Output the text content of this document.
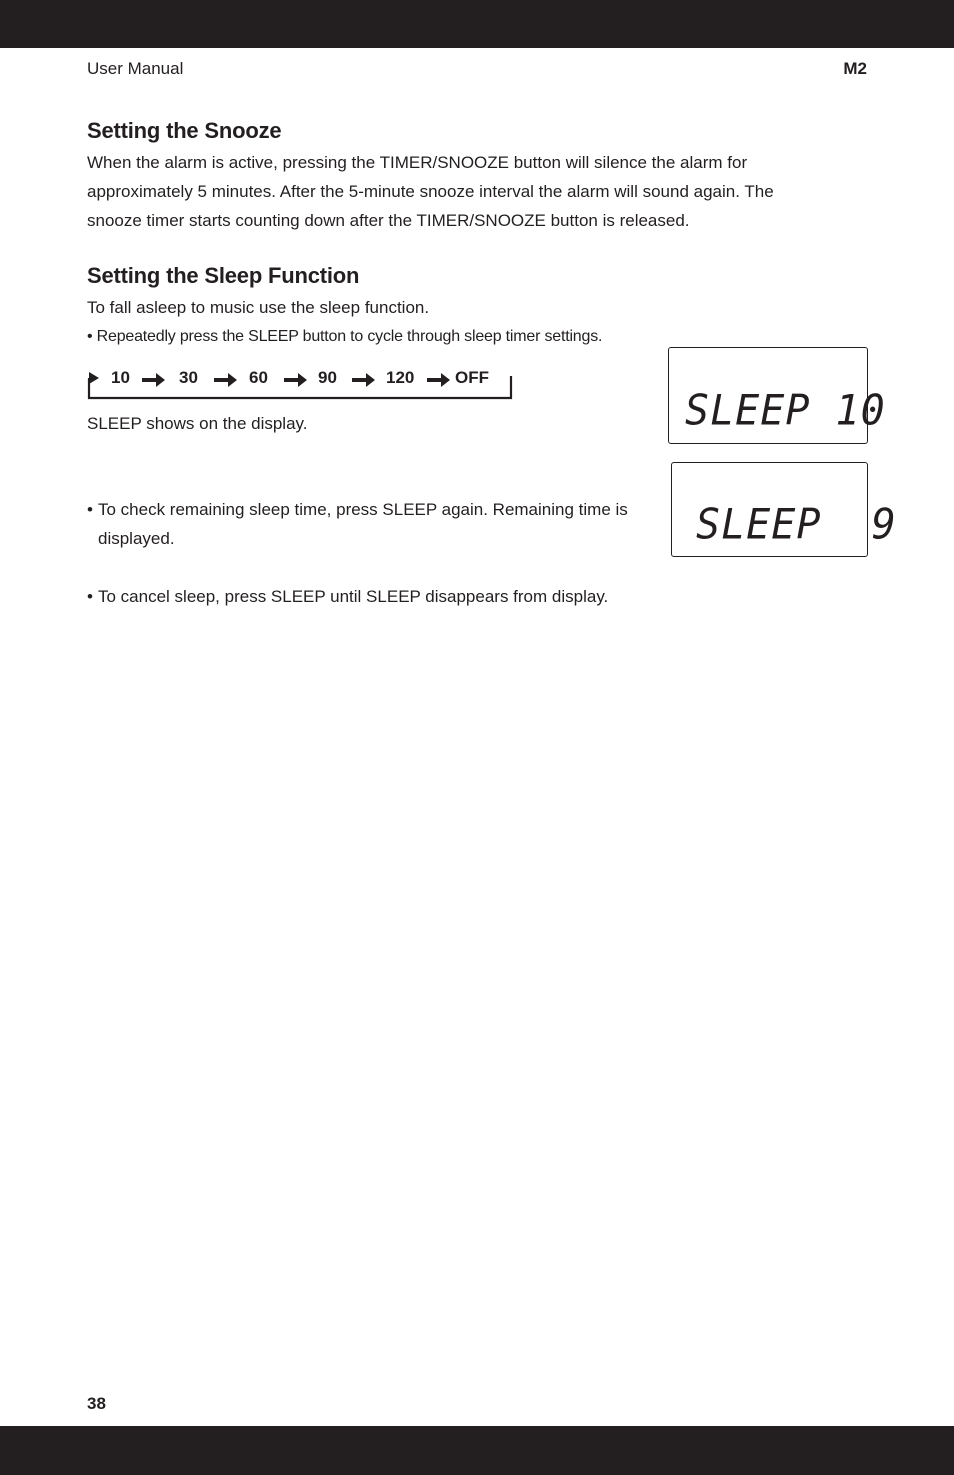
User Manual	M2
Setting the Snooze

When the alarm is active, pressing the TIMER/SNOOZE button will silence the alarm for approximately 5 minutes. After the 5-minute snooze interval the alarm will sound again. The snooze timer starts counting down after the TIMER/SNOOZE button is released.

Setting the Sleep Function

To fall asleep to music use the sleep function.

• Repeatedly press the SLEEP button to cycle through sleep timer settings.

10	30	60	90	120 OFF

SLEEP shows on the display.

• To check remaining sleep time, press SLEEP again. Remaining time is displayed.
• To cancel sleep, press SLEEP until SLEEP disappears from display.
SLEEP 10
SLEEP  9
38
